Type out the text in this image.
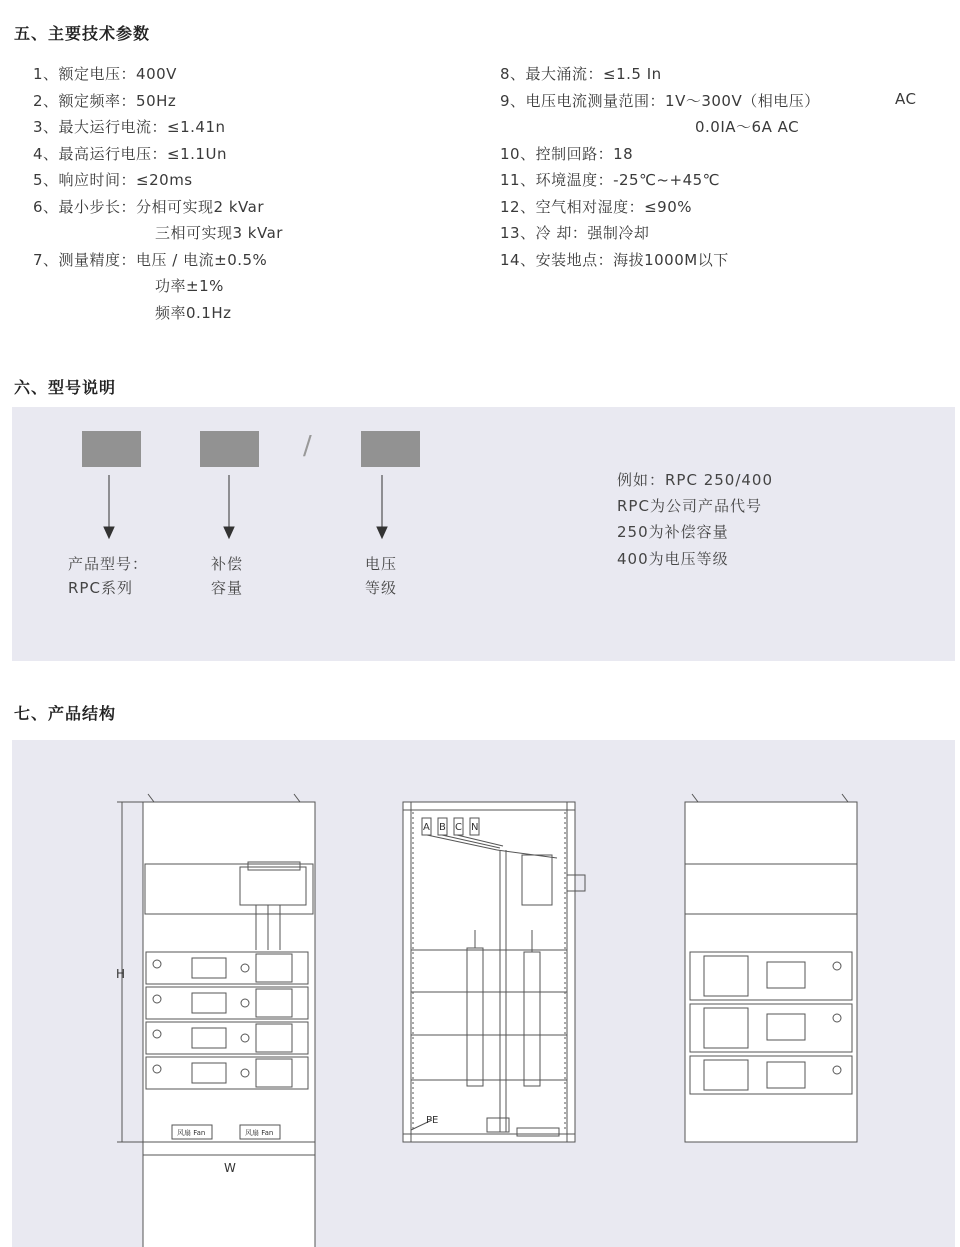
五、主要技术参数
1、额定电压：400V
2、额定频率：50Hz
3、最大运行电流：≤1.41n
4、最高运行电压：≤1.1Un
5、响应时间：≤20ms
6、最小步长：分相可实现2 kVar
三相可实现3 kVar
7、测量精度：电压 / 电流±0.5%
功率±1%
频率0.1Hz
8、最大涌流：≤1.5 In
9、电压电流测量范围：1V～300V（相电压）	AC
0.0IA～6A AC
10、控制回路：18
11、环境温度：-25℃~+45℃
12、空气相对湿度：≤90%
13、冷 却：强制冷却
14、安装地点：海拔1000M以下
六、型号说明
/
产品型号：
RPC系列
补偿
容量
电压
等级
例如：RPC 250/400
RPC为公司产品代号
250为补偿容量
400为电压等级
七、产品结构
H
W
风扇 Fan	风扇 Fan
A B C N
PE
